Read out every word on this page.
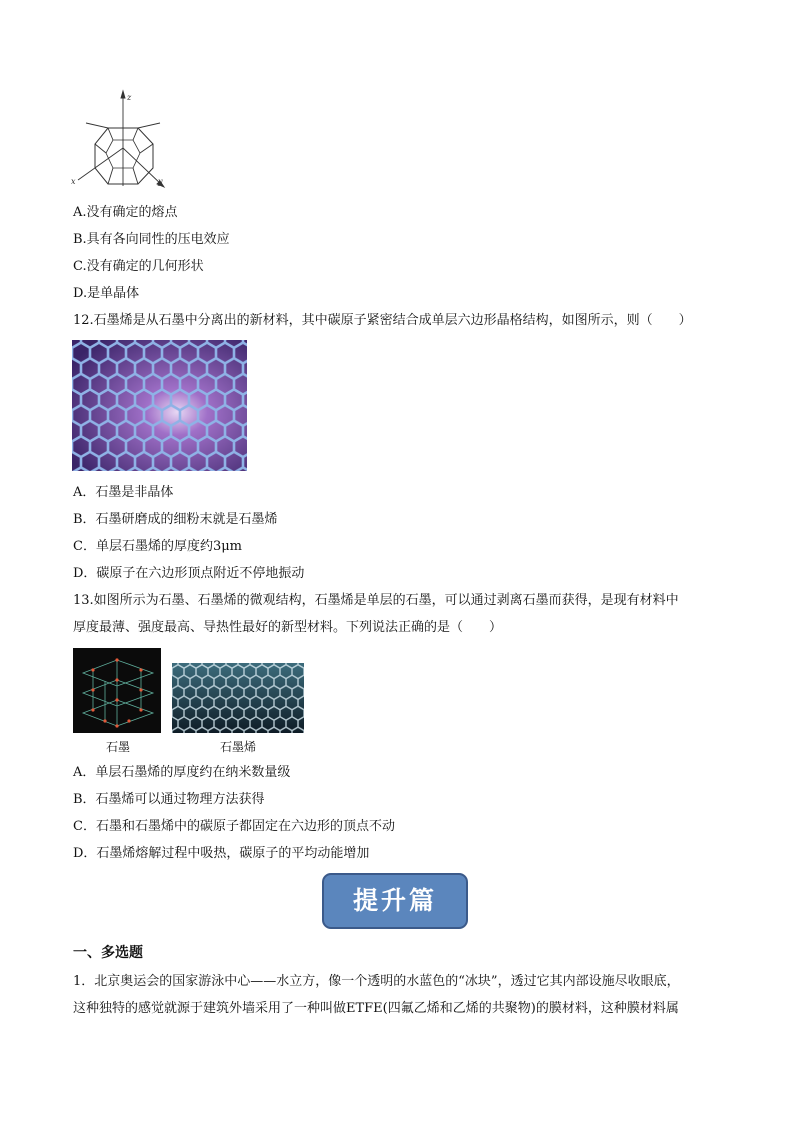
z
x	y
A.没有确定的熔点
B.具有各向同性的压电效应
C.没有确定的几何形状
D.是单晶体
12.石墨烯是从石墨中分离出的新材料，其中碳原子紧密结合成单层六边形晶格结构，如图所示，则（　　）
A．石墨是非晶体
B．石墨研磨成的细粉末就是石墨烯
C．单层石墨烯的厚度约3μm
D．碳原子在六边形顶点附近不停地振动
13.如图所示为石墨、石墨烯的微观结构，石墨烯是单层的石墨，可以通过剥离石墨而获得，是现有材料中
厚度最薄、强度最高、导热性最好的新型材料。下列说法正确的是（　　）
石墨	石墨烯
A．单层石墨烯的厚度约在纳米数量级
B．石墨烯可以通过物理方法获得
C．石墨和石墨烯中的碳原子都固定在六边形的顶点不动
D．石墨烯熔解过程中吸热，碳原子的平均动能增加
提升篇
一、多选题
1．北京奥运会的国家游泳中心——水立方，像一个透明的水蓝色的“冰块”，透过它其内部设施尽收眼底，
这种独特的感觉就源于建筑外墙采用了一种叫做ETFE(四氟乙烯和乙烯的共聚物)的膜材料，这种膜材料属
